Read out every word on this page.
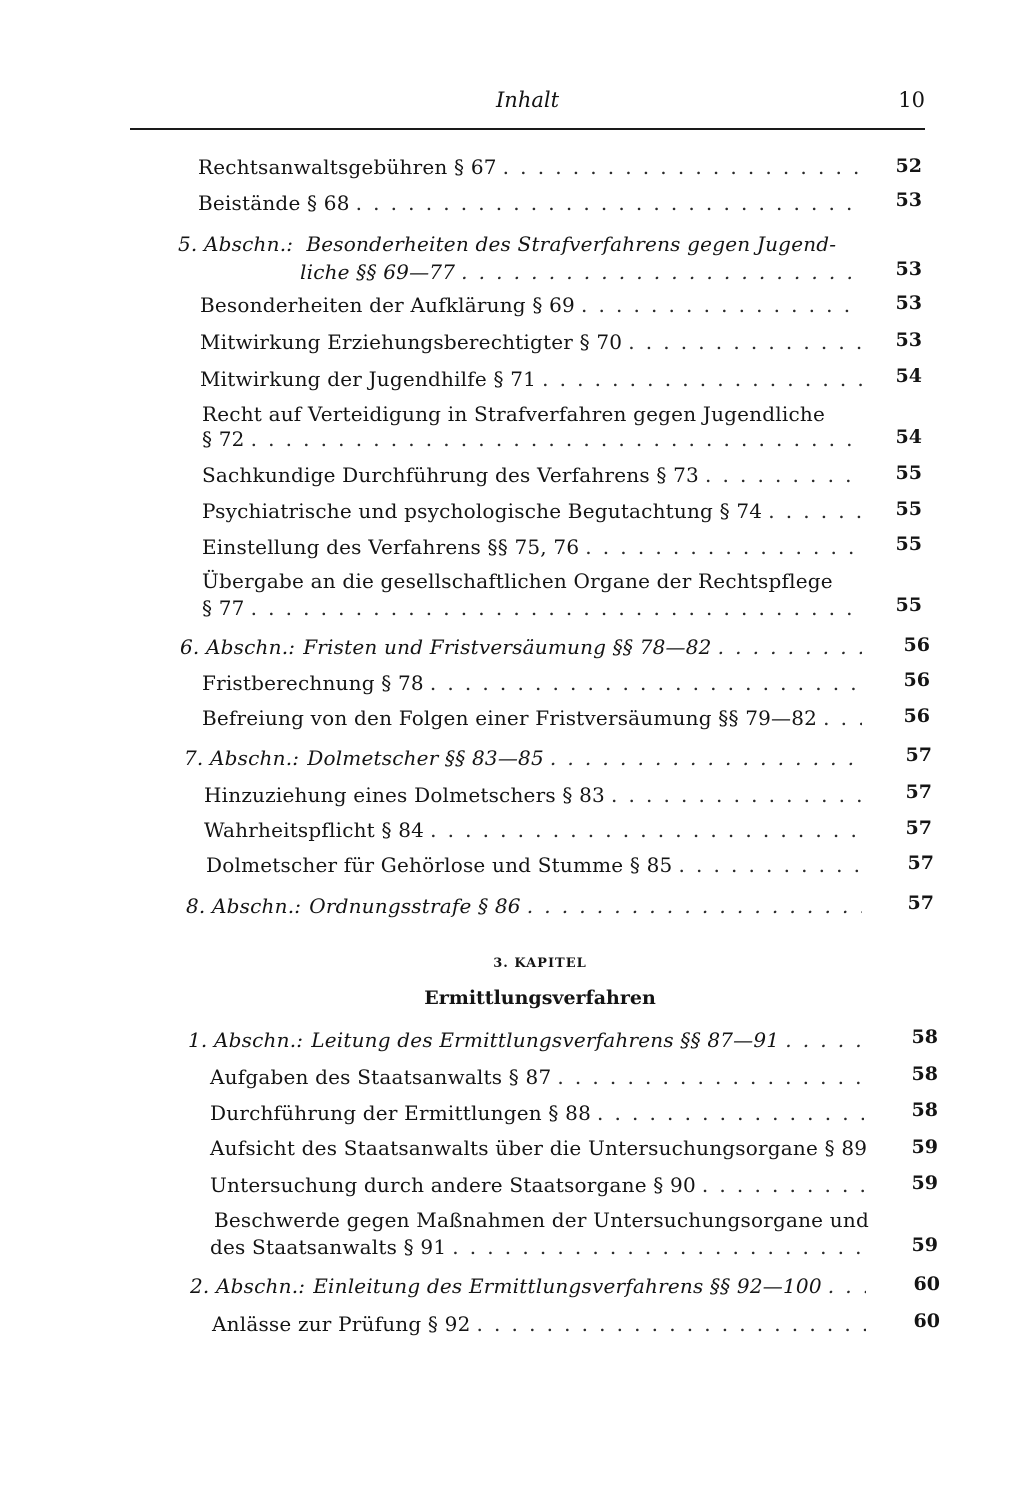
Inhalt	10
Rechtsanwaltsgebühren § 67 . . .	52
Beistände § 68 . . .	53
5. Abschn.: Besonderheiten des Strafverfahrens gegen Jugend-
liche §§ 69—77 . . .	53
Besonderheiten der Aufklärung § 69 . . .	53
Mitwirkung Erziehungsberechtigter § 70 . . .	53
Mitwirkung der Jugendhilfe § 71 . . .	54
Recht auf Verteidigung in Strafverfahren gegen Jugendliche
§ 72 . . .	54
Sachkundige Durchführung des Verfahrens § 73 . . .	55
Psychiatrische und psychologische Begutachtung § 74 . . .	55
Einstellung des Verfahrens §§ 75, 76 . . .	55
Übergabe an die gesellschaftlichen Organe der Rechtspflege
§ 77 . . .	55
6. Abschn.: Fristen und Fristversäumung §§ 78—82 . . .	56
Fristberechnung § 78 . . .	56
Befreiung von den Folgen einer Fristversäumung §§ 79—82 . . .	56
7. Abschn.: Dolmetscher §§ 83—85 . . .	57
Hinzuziehung eines Dolmetschers § 83 . . .	57
Wahrheitspflicht § 84 . . .	57
Dolmetscher für Gehörlose und Stumme § 85 . . .	57
8. Abschn.: Ordnungsstrafe § 86 . . .	57
3. KAPITEL
Ermittlungsverfahren
1. Abschn.: Leitung des Ermittlungsverfahrens §§ 87—91 . . .	58
Aufgaben des Staatsanwalts § 87 . . .	58
Durchführung der Ermittlungen § 88 . . .	58
Aufsicht des Staatsanwalts über die Untersuchungsorgane § 89	59
Untersuchung durch andere Staatsorgane § 90 . . .	59
Beschwerde gegen Maßnahmen der Untersuchungsorgane und
des Staatsanwalts § 91 . . .	59
2. Abschn.: Einleitung des Ermittlungsverfahrens §§ 92—100 . . .	60
Anlässe zur Prüfung § 92 . . .	60
